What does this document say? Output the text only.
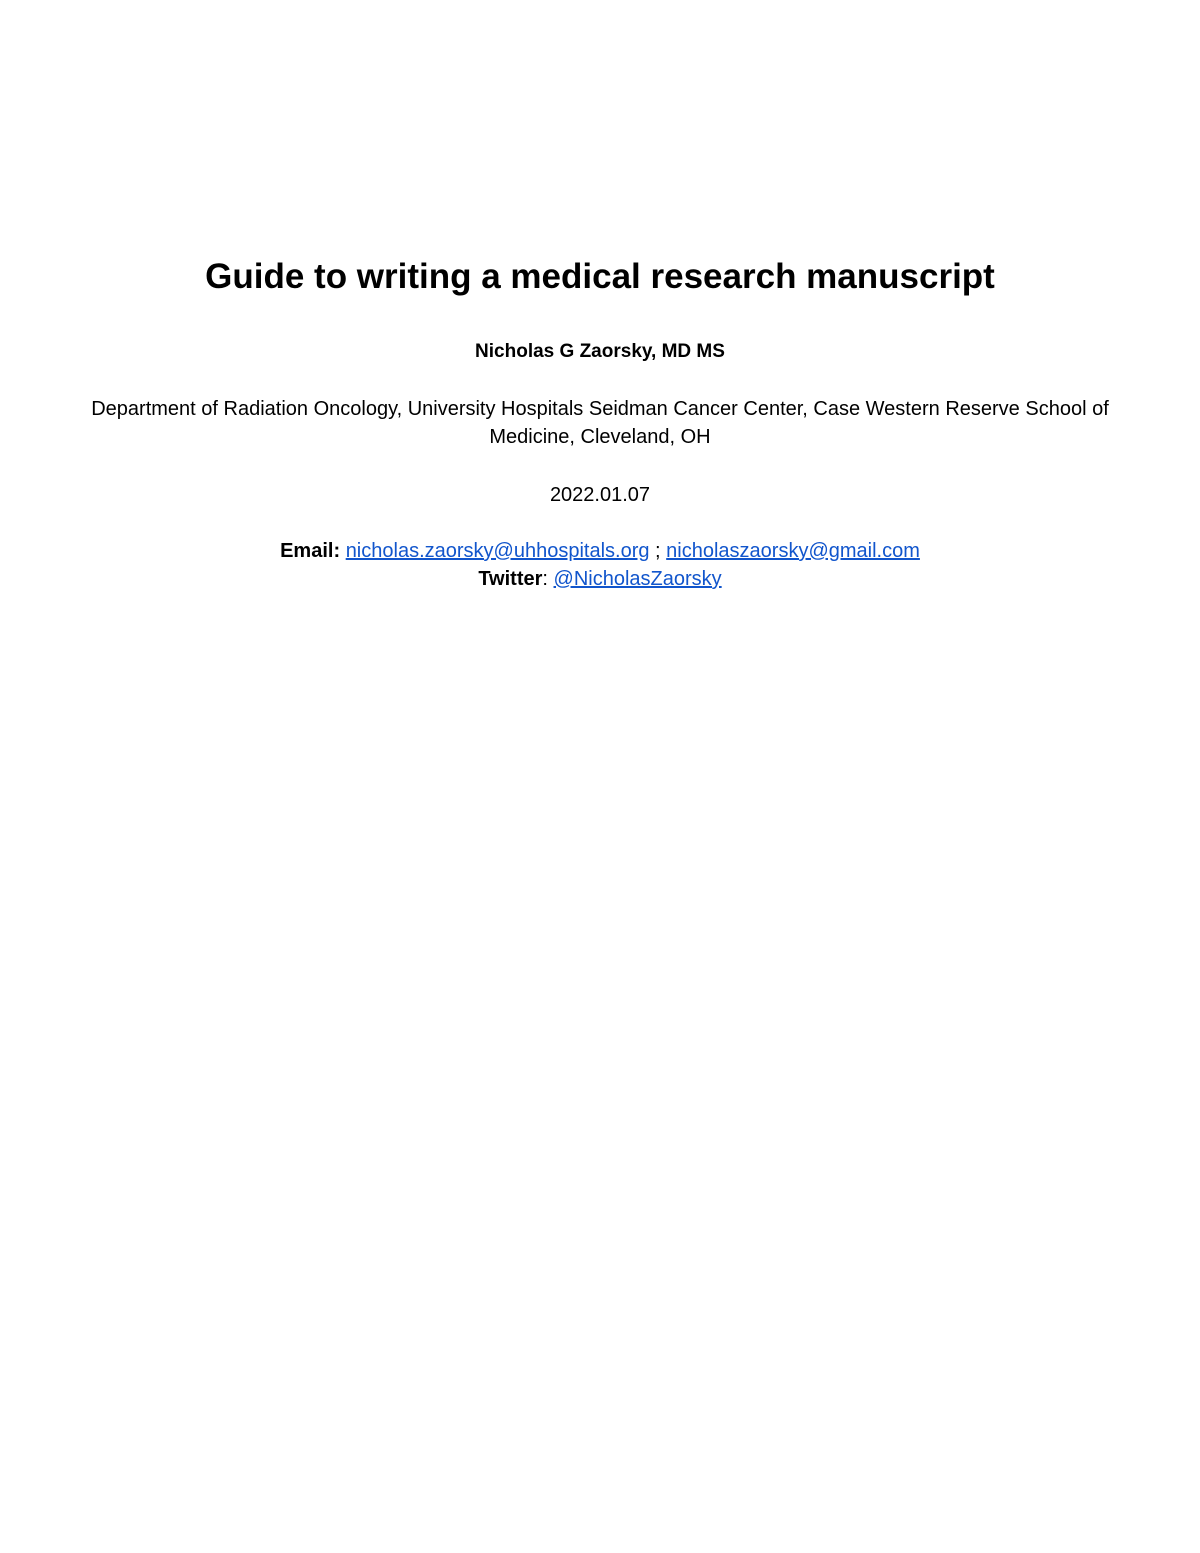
Guide to writing a medical research manuscript

Nicholas G Zaorsky, MD MS

Department of Radiation Oncology, University Hospitals Seidman Cancer Center, Case Western Reserve School of Medicine, Cleveland, OH

2022.01.07

Email: nicholas.zaorsky@uhhospitals.org ; nicholaszaorsky@gmail.com
Twitter: @NicholasZaorsky
